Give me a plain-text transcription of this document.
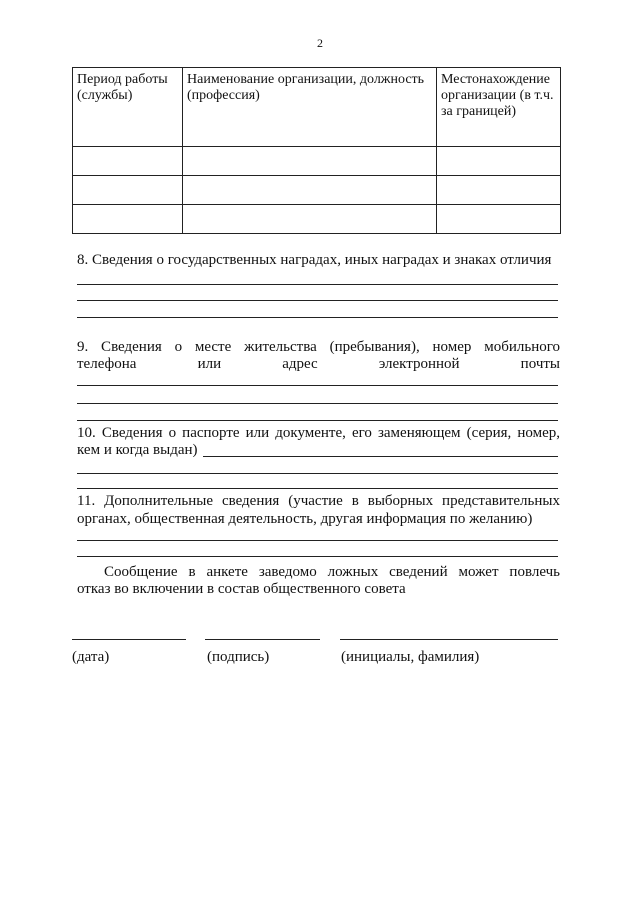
2
Период работы (службы)	Наименование организации, должность (профессия)	Местонахождение организации (в т.ч. за границей)

8. Сведения о государственных наградах, иных наградах и знаках отличия
9. Сведения о месте жительства (пребывания), номер мобильного
телефона или адрес электронной почты
10. Сведения о паспорте или документе, его заменяющем (серия, номер,
кем и когда выдан)
11. Дополнительные сведения (участие в выборных представительных
органах, общественная деятельность, другая информация по желанию)
Сообщение в анкете заведомо ложных сведений может повлечь
отказ во включении в состав общественного совета
(дата)	(подпись)	(инициалы, фамилия)
